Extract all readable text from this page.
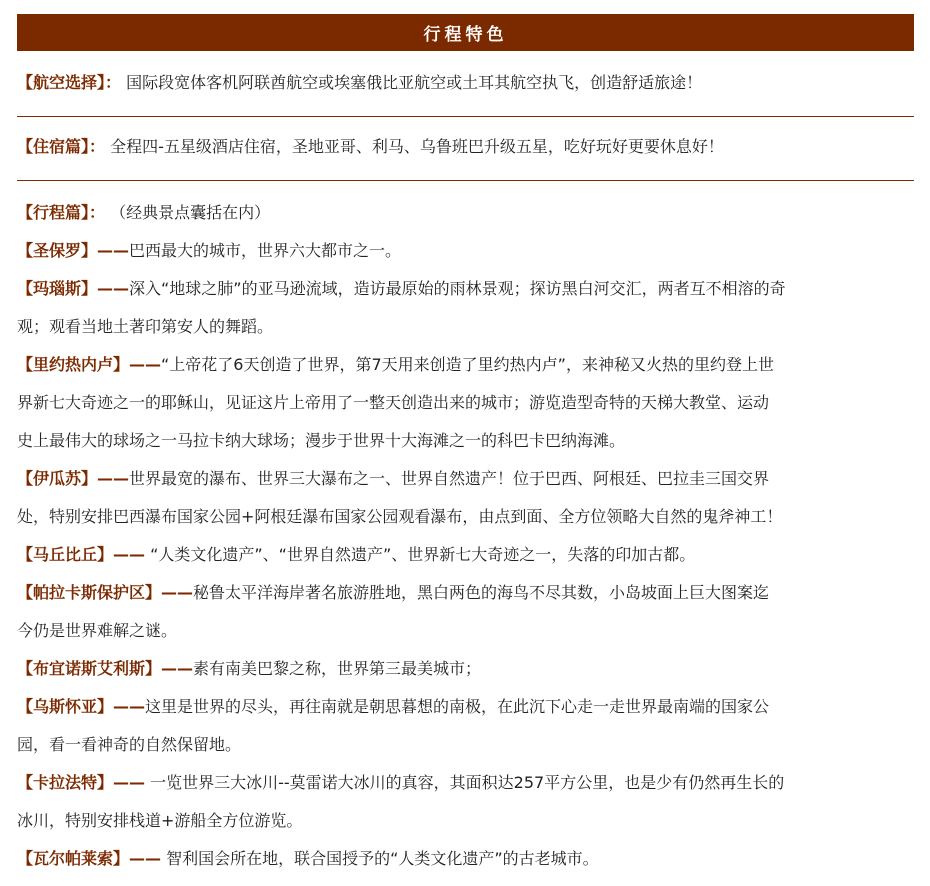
行程特色
【航空选择】： 国际段宽体客机阿联酋航空或埃塞俄比亚航空或土耳其航空执飞，创造舒适旅途！
【住宿篇】： 全程四-五星级酒店住宿，圣地亚哥、利马、乌鲁班巴升级五星，吃好玩好更要休息好！
【行程篇】： （经典景点囊括在内）
【圣保罗】——巴西最大的城市，世界六大都市之一。
【玛瑙斯】——深入“地球之肺”的亚马逊流域，造访最原始的雨林景观；探访黑白河交汇，两者互不相溶的奇
观；观看当地土著印第安人的舞蹈。
【里约热内卢】——“上帝花了6天创造了世界，第7天用来创造了里约热内卢”，来神秘又火热的里约登上世
界新七大奇迹之一的耶稣山，见证这片上帝用了一整天创造出来的城市；游览造型奇特的天梯大教堂、运动
史上最伟大的球场之一马拉卡纳大球场；漫步于世界十大海滩之一的科巴卡巴纳海滩。
【伊瓜苏】——世界最宽的瀑布、世界三大瀑布之一、世界自然遗产！位于巴西、阿根廷、巴拉圭三国交界
处，特别安排巴西瀑布国家公园+阿根廷瀑布国家公园观看瀑布，由点到面、全方位领略大自然的鬼斧神工！
【马丘比丘】—— “人类文化遗产”、“世界自然遗产”、世界新七大奇迹之一，失落的印加古都。
【帕拉卡斯保护区】——秘鲁太平洋海岸著名旅游胜地，黑白两色的海鸟不尽其数，小岛坡面上巨大图案迄
今仍是世界难解之谜。
【布宜诺斯艾利斯】——素有南美巴黎之称，世界第三最美城市；
【乌斯怀亚】——这里是世界的尽头，再往南就是朝思暮想的南极，在此沉下心走一走世界最南端的国家公
园，看一看神奇的自然保留地。
【卡拉法特】—— 一览世界三大冰川--莫雷诺大冰川的真容，其面积达257平方公里，也是少有仍然再生长的
冰川，特别安排栈道+游船全方位游览。
【瓦尔帕莱索】—— 智利国会所在地，联合国授予的“人类文化遗产”的古老城市。
